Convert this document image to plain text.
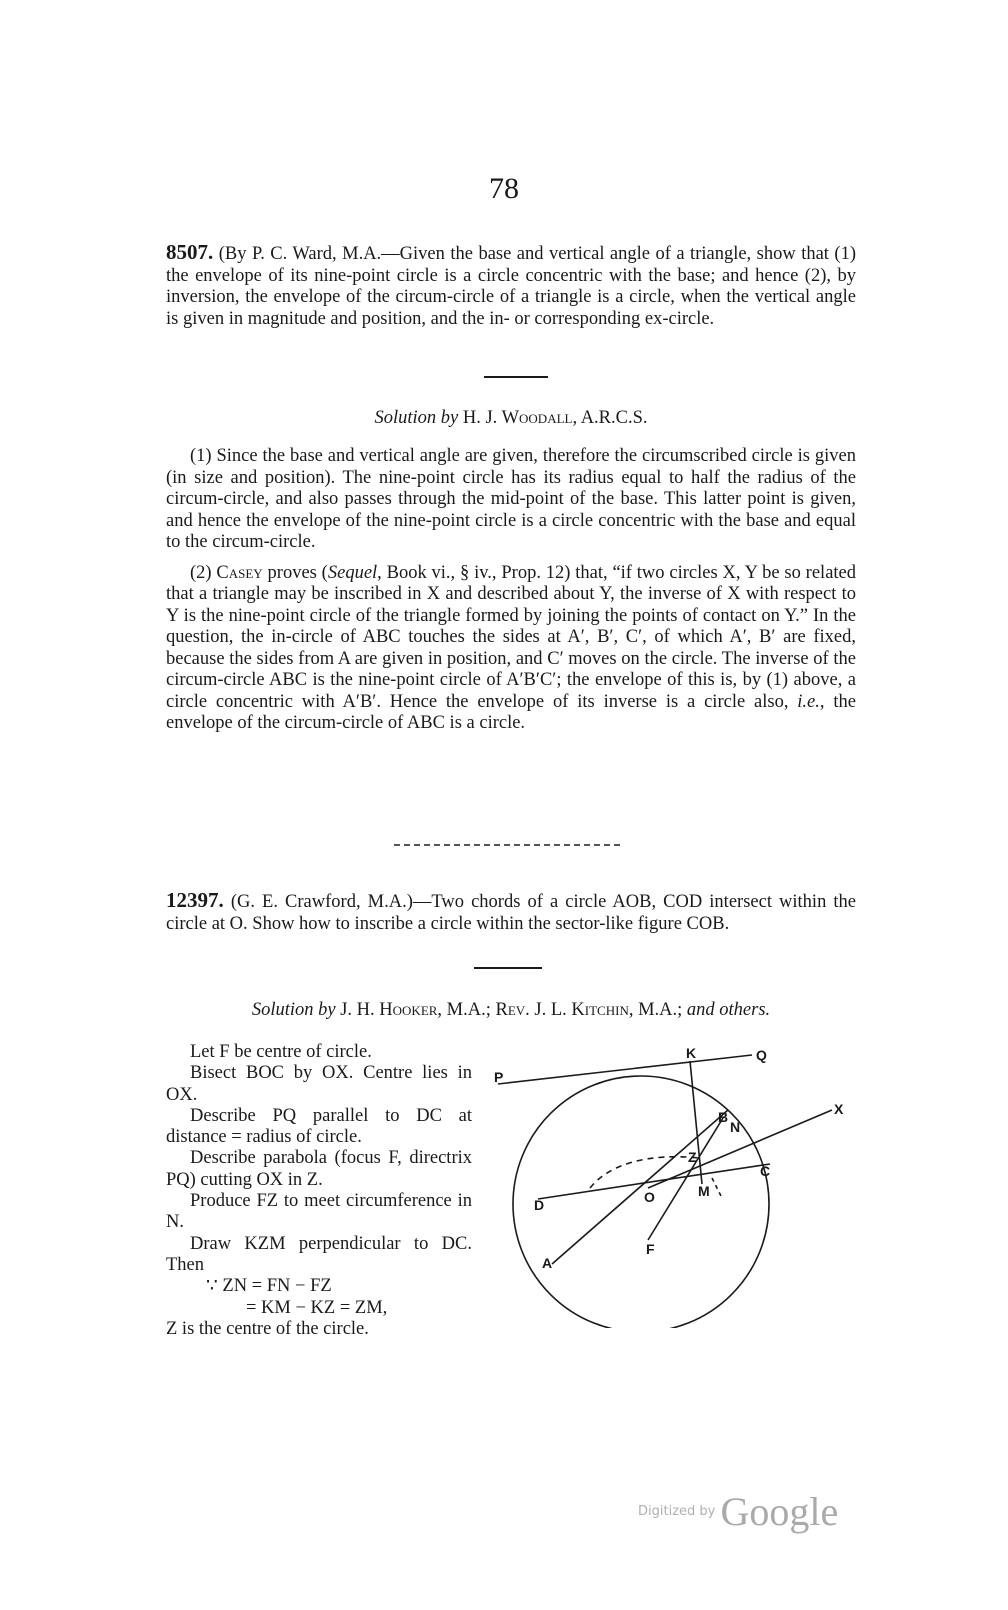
78

8507. (By P. C. Ward, M.A.—Given the base and vertical angle of a triangle, show that (1) the envelope of its nine-point circle is a circle concentric with the base; and hence (2), by inversion, the envelope of the circum-circle of a triangle is a circle, when the vertical angle is given in magnitude and position, and the in- or corresponding ex-circle.

Solution by H. J. Woodall, A.R.C.S.

(1) Since the base and vertical angle are given, therefore the circumscribed circle is given (in size and position). The nine-point circle has its radius equal to half the radius of the circum-circle, and also passes through the mid-point of the base. This latter point is given, and hence the envelope of the nine-point circle is a circle concentric with the base and equal to the circum-circle.

(2) Casey proves (Sequel, Book vi., § iv., Prop. 12) that, “if two circles X, Y be so related that a triangle may be inscribed in X and described about Y, the inverse of X with respect to Y is the nine-point circle of the triangle formed by joining the points of contact on Y.” In the question, the in-circle of ABC touches the sides at A′, B′, C′, of which A′, B′ are fixed, because the sides from A are given in position, and C′ moves on the circle. The inverse of the circum-circle ABC is the nine-point circle of A′B′C′; the envelope of this is, by (1) above, a circle concentric with A′B′. Hence the envelope of its inverse is a circle also, i.e., the envelope of the circum-circle of ABC is a circle.

12397. (G. E. Crawford, M.A.)—Two chords of a circle AOB, COD intersect within the circle at O. Show how to inscribe a circle within the sector-like figure COB.

Solution by J. H. Hooker, M.A.; Rev. J. L. Kitchin, M.A.; and others.

Let F be centre of circle.

Bisect BOC by OX. Centre lies in OX.

Describe PQ parallel to DC at distance = radius of circle.

Describe parabola (focus F, directrix PQ) cutting OX in Z.

Produce FZ to meet circumference in N.

Draw KZM perpendicular to DC. Then

∵ ZN = FN − FZ

= KM − KZ = ZM,

Z is the centre of the circle.

P
K	Q
X
B
N
Z
C
D	O	M
A
F
Digitized by Google
